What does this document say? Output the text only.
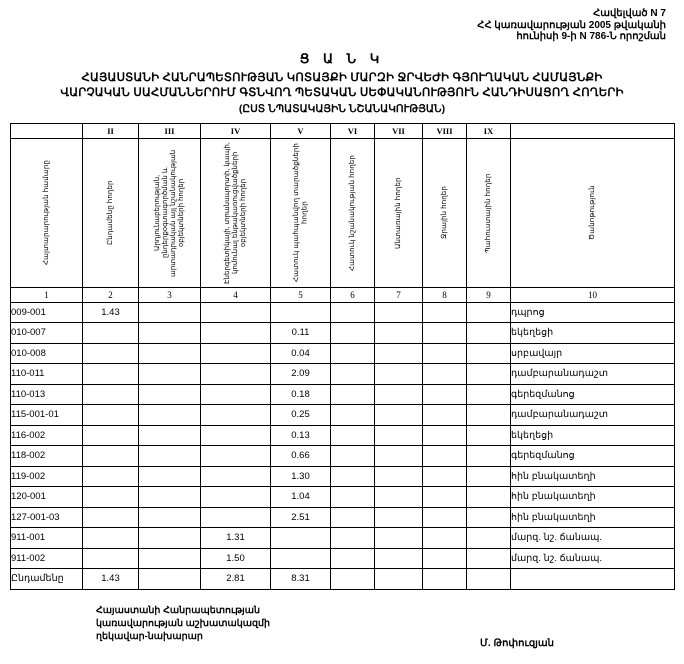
Հավելված N 7
ՀՀ կառավարության 2005 թվականի
հունիսի 9-ի N 786-Ն որոշման
Ց Ա Ն Կ
ՀԱՅԱՍՏԱՆԻ ՀԱՆՐԱՊԵՏՈՒԹՅԱՆ ԿՈՏԱՅՔԻ ՄԱՐԶԻ ՋՐՎԵԺԻ ԳՅՈՒՂԱԿԱՆ ՀԱՄԱՅՆՔԻ
ՎԱՐՉԱԿԱՆ ՍԱՀՄԱՆՆԵՐՈՒՄ ԳՏՆՎՈՂ ՊԵՏԱԿԱՆ ՍԵՓԱԿԱՆՈՒԹՅՈՒՆ ՀԱՆԴԻՍԱՑՈՂ ՀՈՂԵՐԻ
(ԸՍՏ ՆՊԱՏԱԿԱՅԻՆ ՆՇԱՆԱԿՈՒԹՅԱՆ)
	II	III	IV	V	VI	VII	VIII	IX	

Հայտարարության համարը	Ընդամենը հողեր	Արդյունաբերության, ընդերքօգտագործման և արտադրական այլ նշանակության օբյեկտների հողեր	Էներգետիկայի, տրանսպորտի, կապի, կոմունալ ենթակառուցվածքների օբյեկտների հողեր	Հատուկ պահպանվող տարածքների հողեր	Հատուկ նշանակության հողեր	Անտառային հողեր	Ջրային հողեր	Պահուստային հողեր	Ծանոթություն

1	2	3	4	5	6	7	8	9	10
009-001	1.43								դպրոց
010-007				0.11					եկեղեցի
010-008				0.04					սրբավայր
110-011				2.09					դամբարանադաշտ
110-013				0.18					գերեզմանոց
115-001-01				0.25					դամբարանադաշտ
116-002				0.13					եկեղեցի
118-002				0.66					գերեզմանոց
119-002				1.30					հին բնակատեղի
120-001				1.04					հին բնակատեղի
127-001-03				2.51					հին բնակատեղի
911-001			1.31						մարզ. նշ. ճանապ.
911-002			1.50						մարզ. նշ. ճանապ.
Ընդամենը	1.43		2.81	8.31					
Հայաստանի Հանրապետության
կառավարության աշխատակազմի
ղեկավար-նախարար
Մ. Թոփուզյան
